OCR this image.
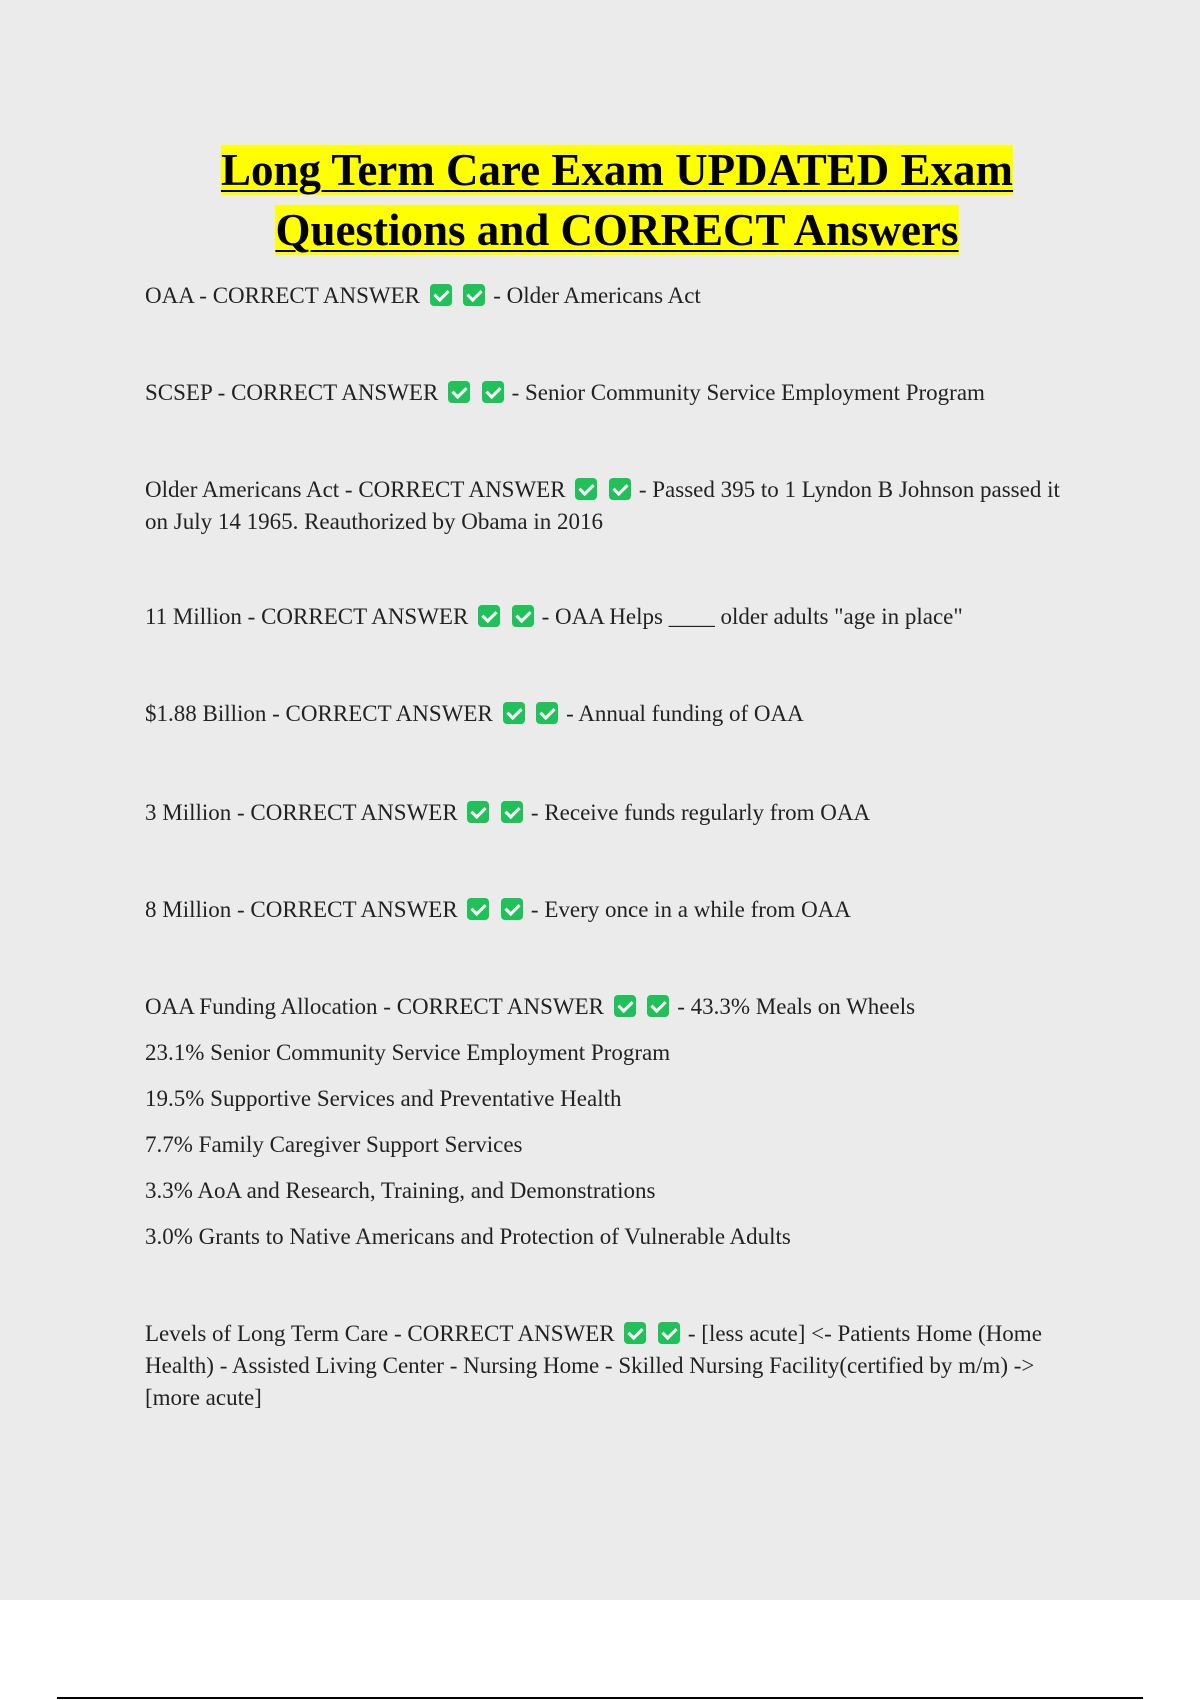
Long Term Care Exam UPDATED Exam
Questions and CORRECT Answers

OAA - CORRECT ANSWER	- Older Americans Act

SCSEP - CORRECT ANSWER	- Senior Community Service Employment Program

Older Americans Act - CORRECT ANSWER	- Passed 395 to 1 Lyndon B Johnson passed it on July 14 1965. Reauthorized by Obama in 2016

11 Million - CORRECT ANSWER	- OAA Helps ____ older adults "age in place"

$1.88 Billion - CORRECT ANSWER	- Annual funding of OAA

3 Million - CORRECT ANSWER	- Receive funds regularly from OAA

8 Million - CORRECT ANSWER	- Every once in a while from OAA

OAA Funding Allocation - CORRECT ANSWER	- 43.3% Meals on Wheels
23.1% Senior Community Service Employment Program
19.5% Supportive Services and Preventative Health
7.7% Family Caregiver Support Services
3.3% AoA and Research, Training, and Demonstrations
3.0% Grants to Native Americans and Protection of Vulnerable Adults

Levels of Long Term Care - CORRECT ANSWER	- [less acute] <- Patients Home (Home Health) - Assisted Living Center - Nursing Home - Skilled Nursing Facility(certified by m/m) -> [more acute]
